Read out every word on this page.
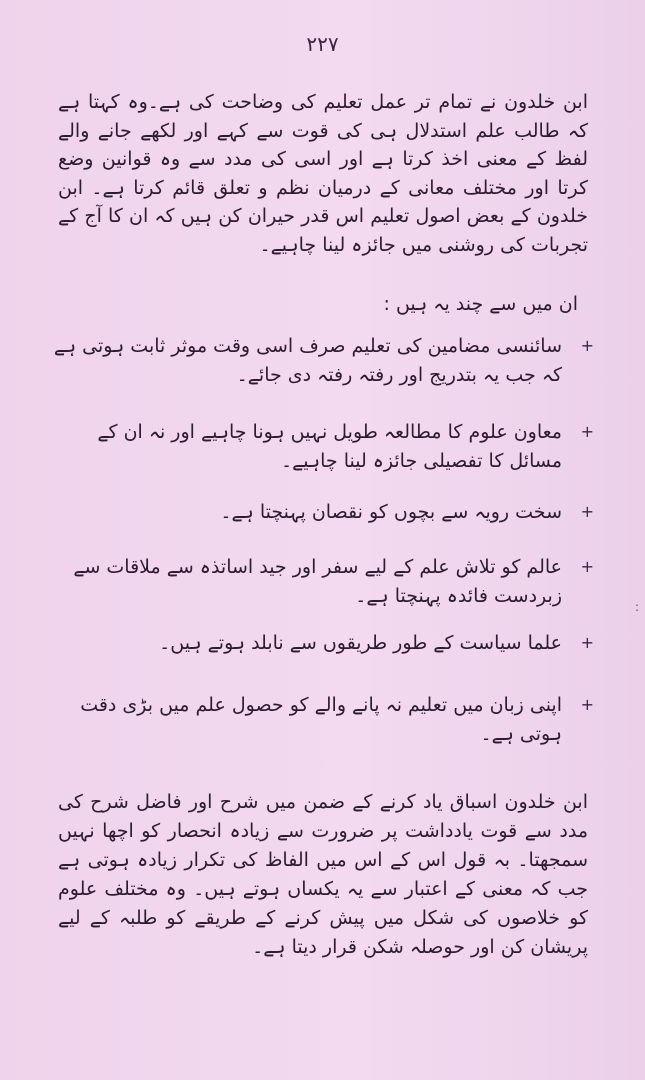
۲۲۷
ابن خلدون نے تمام تر عمل تعلیم کی وضاحت کی ہے۔وہ کہتا ہے کہ طالب علم استدلال ہی کی قوت سے کہے اور لکھے جانے والے لفظ کے معنی اخذ کرتا ہے اور اسی کی مدد سے وہ قوانین وضع کرتا اور مختلف معانی کے درمیان نظم و تعلق قائم کرتا ہے۔ ابن خلدون کے بعض اصول تعلیم اس قدر حیران کن ہیں کہ ان کا آج کے تجربات کی روشنی میں جائزہ لینا چاہیے۔
ان میں سے چند یہ ہیں :
+
سائنسی مضامین کی تعلیم صرف اسی وقت موثر ثابت ہوتی ہے کہ جب یہ بتدریج اور رفتہ رفتہ دی جائے۔
+
معاون علوم کا مطالعہ طویل نہیں ہونا چاہیے اور نہ ان کے مسائل کا تفصیلی جائزہ لینا چاہیے۔
+
سخت رویہ سے بچوں کو نقصان پہنچتا ہے۔
+
عالم کو تلاش علم کے لیے سفر اور جید اساتذہ سے ملاقات سے زبردست فائدہ پہنچتا ہے۔
+
علما سیاست کے طور طریقوں سے نابلد ہوتے ہیں۔
+
اپنی زبان میں تعلیم نہ پانے والے کو حصول علم میں بڑی دقت ہوتی ہے۔
ابن خلدون اسباق یاد کرنے کے ضمن میں شرح اور فاضل شرح کی مدد سے قوت یادداشت پر ضرورت سے زیادہ انحصار کو اچھا نہیں سمجھتا۔ بہ قول اس کے اس میں الفاظ کی تکرار زیادہ ہوتی ہے جب کہ معنی کے اعتبار سے یہ یکساں ہوتے ہیں۔ وہ مختلف علوم کو خلاصوں کی شکل میں پیش کرنے کے طریقے کو طلبہ کے لیے پریشان کن اور حوصلہ شکن قرار دیتا ہے۔
:
